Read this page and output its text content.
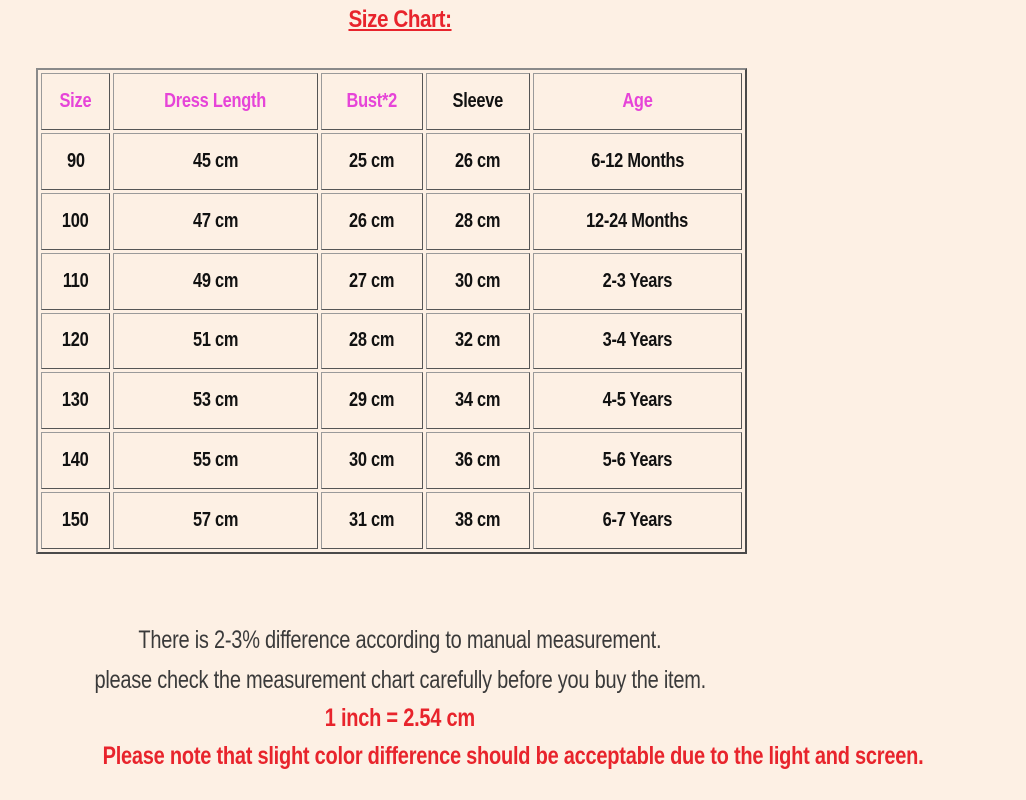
Size Chart:
Size	Dress Length	Bust*2	Sleeve	Age
90	45 cm	25 cm	26 cm	6-12 Months
100	47 cm	26 cm	28 cm	12-24 Months
110	49 cm	27 cm	30 cm	2-3 Years
120	51 cm	28 cm	32 cm	3-4 Years
130	53 cm	29 cm	34 cm	4-5 Years
140	55 cm	30 cm	36 cm	5-6 Years
150	57 cm	31 cm	38 cm	6-7 Years
There is 2-3% difference according to manual measurement.
please check the measurement chart carefully before you buy the item.
1 inch = 2.54 cm
Please note that slight color difference should be acceptable due to the light and screen.
